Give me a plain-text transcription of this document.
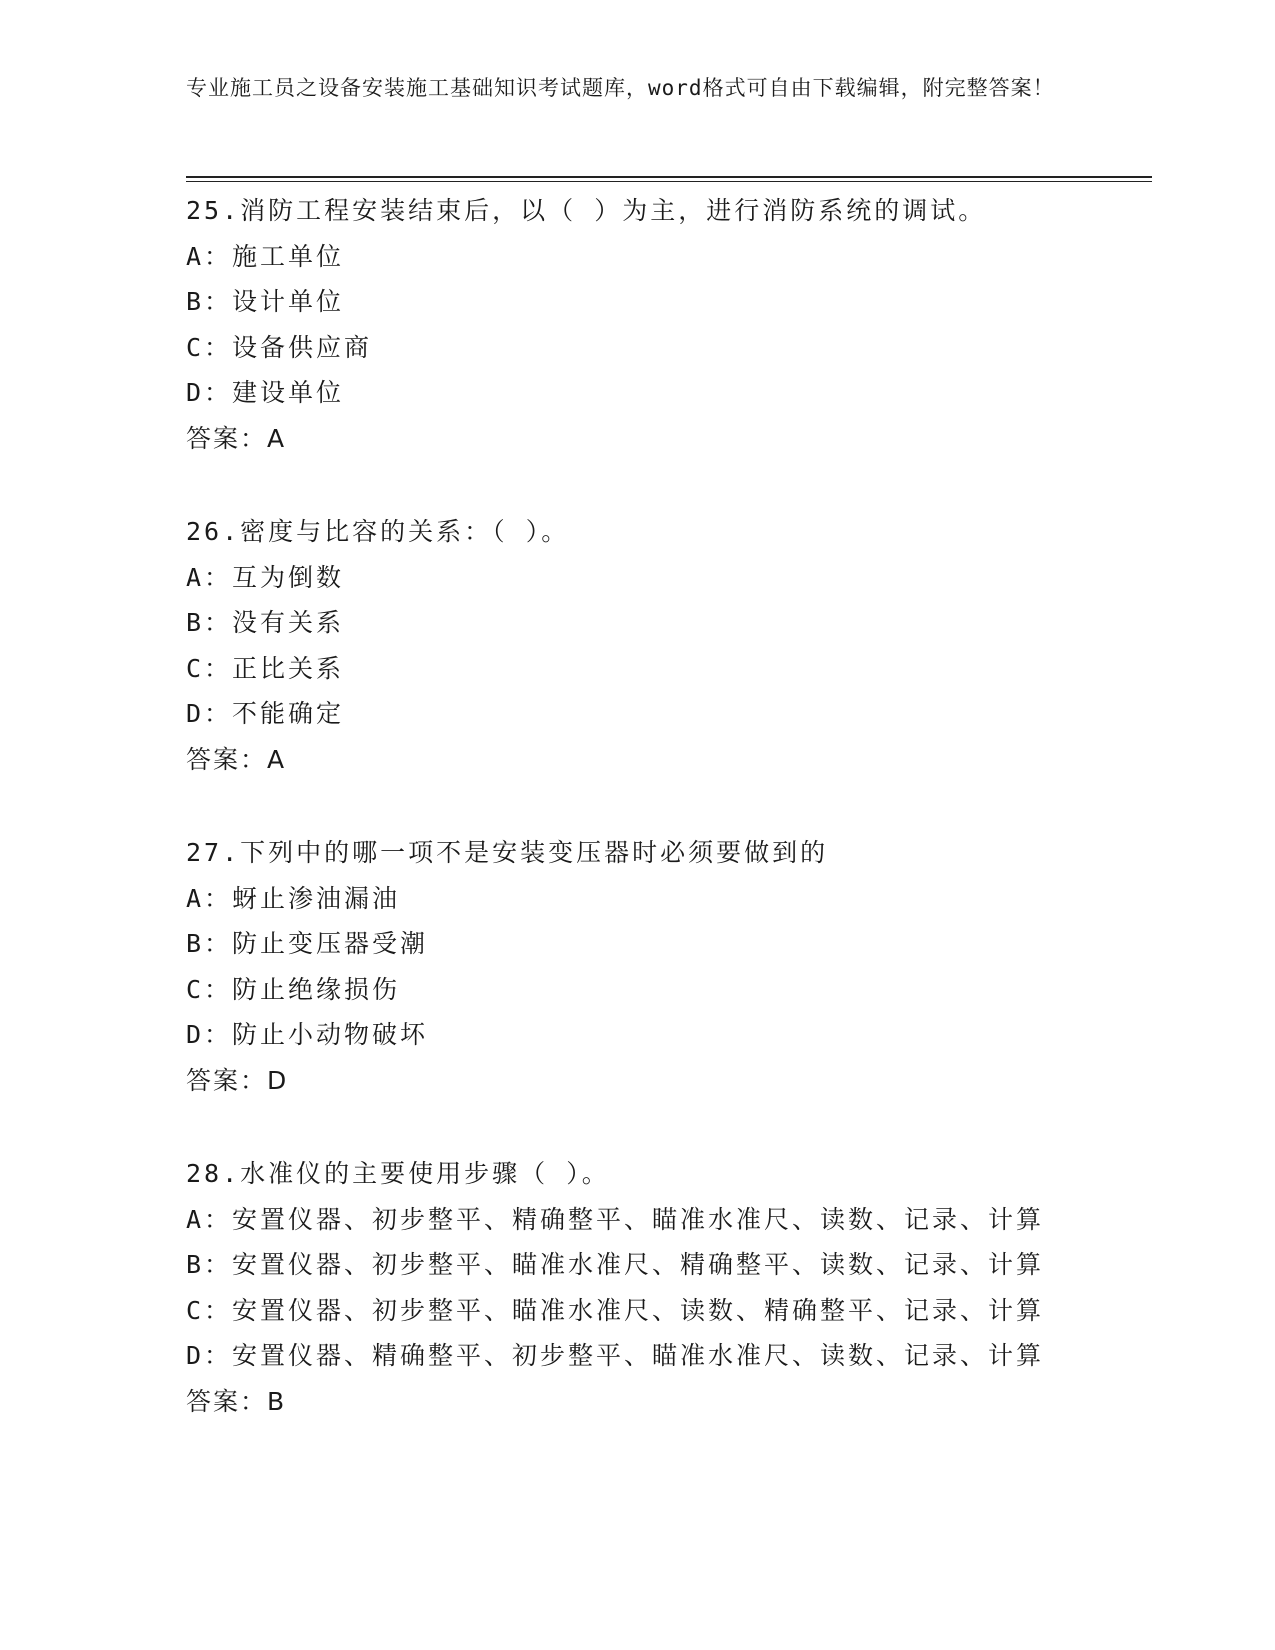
专业施工员之设备安装施工基础知识考试题库，word格式可自由下载编辑，附完整答案！
25.消防工程安装结束后，以（ ）为主，进行消防系统的调试。
A：施工单位
B：设计单位
C：设备供应商
D：建设单位
答案：A
26.密度与比容的关系：（ ）。
A：互为倒数
B：没有关系
C：正比关系
D：不能确定
答案：A
27.下列中的哪一项不是安装变压器时必须要做到的
A：蚜止渗油漏油
B：防止变压器受潮
C：防止绝缘损伤
D：防止小动物破坏
答案：D
28.水准仪的主要使用步骤（ ）。
A：安置仪器、初步整平、精确整平、瞄准水准尺、读数、记录、计算
B：安置仪器、初步整平、瞄准水准尺、精确整平、读数、记录、计算
C：安置仪器、初步整平、瞄准水准尺、读数、精确整平、记录、计算
D：安置仪器、精确整平、初步整平、瞄准水准尺、读数、记录、计算
答案：B
